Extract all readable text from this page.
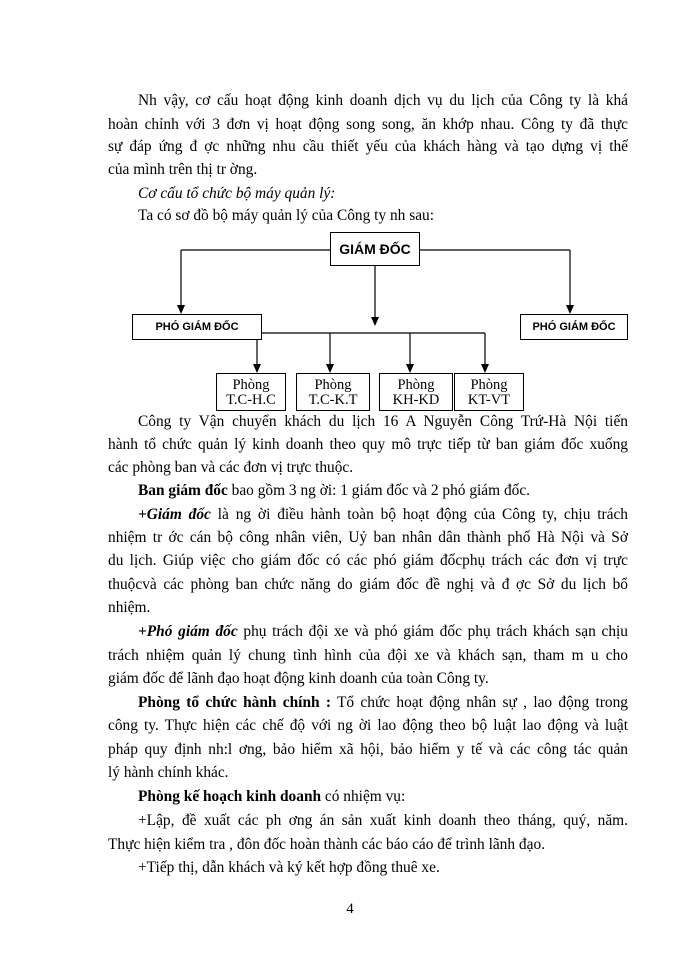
Nh vậy, cơ cấu hoạt động kinh doanh dịch vụ du lịch của Công ty là khá
hoàn chỉnh với 3 đơn vị hoạt động song song, ăn khớp nhau. Công ty đã thực
sự đáp ứng đ ợc những nhu cầu thiết yếu của khách hàng và tạo dựng vị thế
của mình trên thị tr ờng.
Cơ cấu tổ chức bộ máy quản lý:
Ta có sơ đồ bộ máy quản lý của Công ty nh sau:
GIÁM ĐỐC
PHÓ GIÁM ĐỐC	PHÓ GIÁM ĐỐC
Phòng
T.C-H.C
Phòng
T.C-K.T
Phòng
KH-KD
Phòng
KT-VT
Công ty Vận chuyển khách du lịch 16 A Nguyễn Công Trứ-Hà Nội tiến
hành tổ chức quản lý kinh doanh theo quy mô trực tiếp từ ban giám đốc xuống
các phòng ban và các đơn vị trực thuộc.
Ban giám đốc bao gồm 3 ng ời: 1 giám đốc và 2 phó giám đốc.
+Giám đốc là ng ời điều hành toàn bộ hoạt động của Công ty, chịu trách
nhiệm tr ớc cán bộ công nhân viên, Uỷ ban nhân dân thành phố Hà Nội và Sở
du lịch. Giúp việc cho giám đốc có các phó giám đốcphụ trách các đơn vị trực
thuộcvà các phòng ban chức năng do giám đốc đề nghị và đ ợc Sở du lịch bổ
nhiệm.
+Phó giám đốc phụ trách đội xe và phó giám đốc phụ trách khách sạn chịu
trách nhiệm quản lý chung tình hình của đội xe và khách sạn, tham m u cho
giám đốc để lãnh đạo hoạt động kinh doanh của toàn Công ty.
Phòng tổ chức hành chính : Tổ chức hoạt động nhân sự , lao động trong
công ty. Thực hiện các chế độ với ng ời lao động theo bộ luật lao động và luật
pháp quy định nh:l ơng, bảo hiểm xã hội, bảo hiểm y tế và các công tác quản
lý hành chính khác.
Phòng kế hoạch kinh doanh có nhiệm vụ:
+Lập, đề xuất các ph ơng án sản xuất kinh doanh theo tháng, quý, năm.
Thực hiện kiểm tra , đôn đốc hoàn thành các báo cáo để trình lãnh đạo.
+Tiếp thị, dẫn khách và ký kết hợp đồng thuê xe.
4
